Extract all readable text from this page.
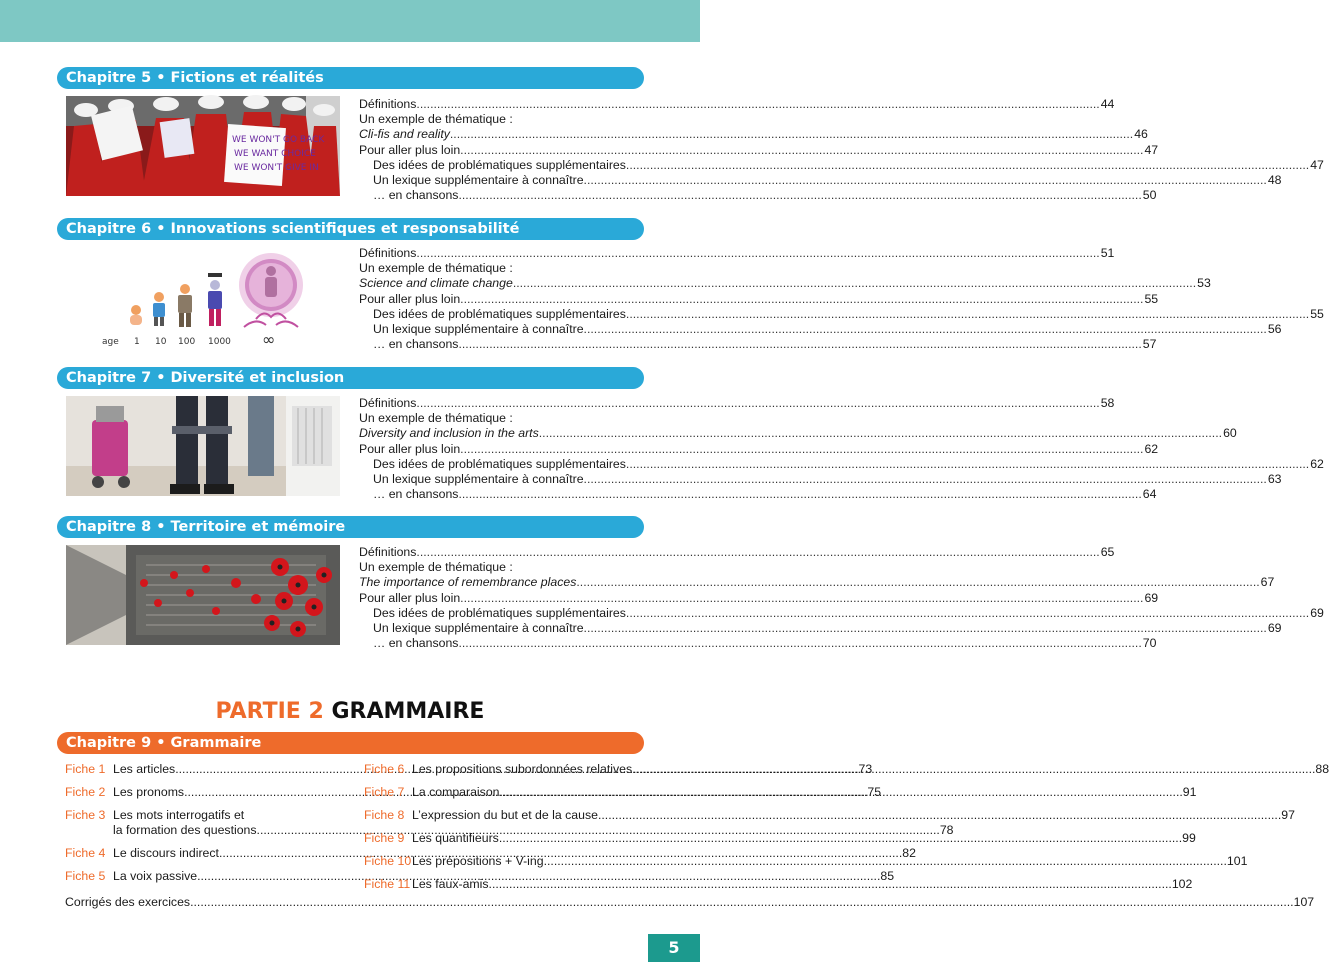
Chapitre 5 • Fictions et réalités
WE WON'T GO BACK
WE WANT CHOICE
WE WON'T GIVE IN
Définitions .....	44
Un exemple de thématique :
Cli-fis and reality .....	46
Pour aller plus loin .....	47
Des idées de problématiques supplémentaires .....	47
Un lexique supplémentaire à connaître .....	48
… en chansons .....	50
Chapitre 6 • Innovations scientifiques et responsabilité
age 1 10 100 1000 ∞
Définitions .....	51
Un exemple de thématique :
Science and climate change .....	53
Pour aller plus loin .....	55
Des idées de problématiques supplémentaires .....	55
Un lexique supplémentaire à connaître .....	56
… en chansons .....	57
Chapitre 7 • Diversité et inclusion
Définitions .....	58
Un exemple de thématique :
Diversity and inclusion in the arts .....	60
Pour aller plus loin .....	62
Des idées de problématiques supplémentaires .....	62
Un lexique supplémentaire à connaître .....	63
… en chansons .....	64
Chapitre 8 • Territoire et mémoire
Définitions .....	65
Un exemple de thématique :
The importance of remembrance places .....	67
Pour aller plus loin .....	69
Des idées de problématiques supplémentaires .....	69
Un lexique supplémentaire à connaître .....	69
… en chansons .....	70
PARTIE 2 GRAMMAIRE
Chapitre 9 • Grammaire
Fiche 1 Les articles .....	73
Fiche 2 Les pronoms .....	75
Fiche 3 Les mots interrogatifs et
la formation des questions .....	78
Fiche 4 Le discours indirect .....	82
Fiche 5 La voix passive .....	85
Fiche 6 Les propositions subordonnées relatives .....	88
Fiche 7 La comparaison .....	91
Fiche 8 L’expression du but et de la cause .....	97
Fiche 9 Les quantifieurs .....	99
Fiche 10 Les prépositions + V-ing .....	101
Fiche 11 Les faux-amis .....	102
Corrigés des exercices .....	107
5
